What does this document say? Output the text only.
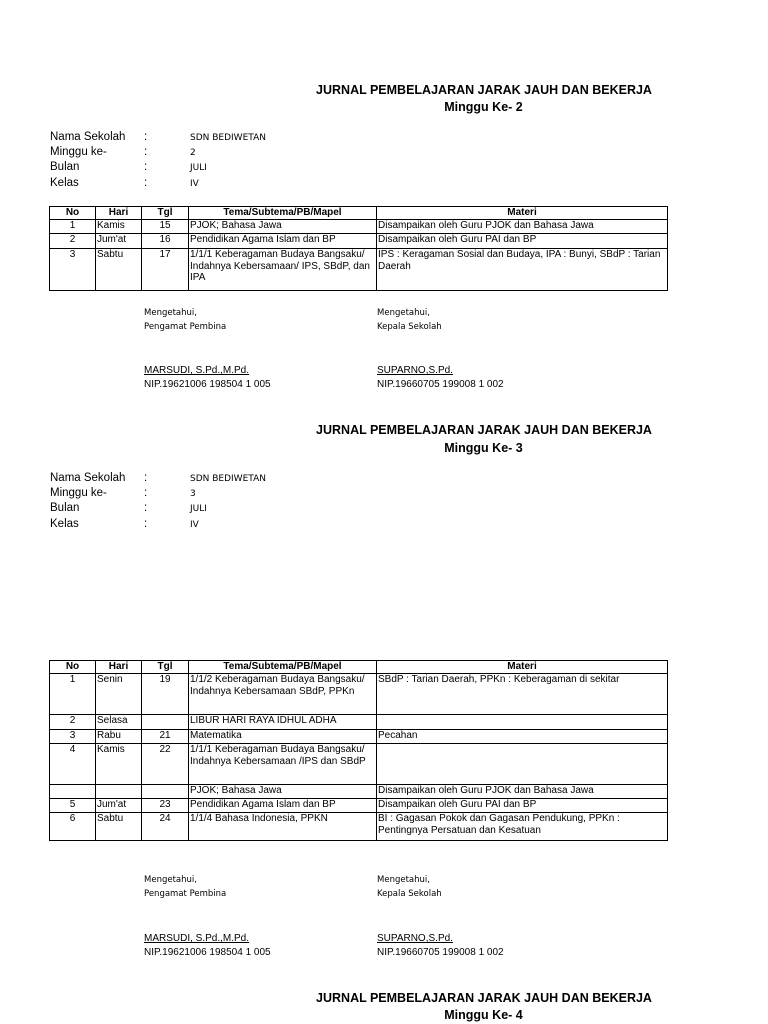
JURNAL PEMBELAJARAN JARAK JAUH DAN BEKERJA
Minggu Ke- 2
Nama Sekolah :	SDN BEDIWETAN
Minggu ke-	:	2
Bulan	:	JULI
Kelas	:	IV
No	Hari	Tgl	Tema/Subtema/PB/Mapel	Materi
1	Kamis	15	PJOK; Bahasa Jawa	Disampaikan oleh Guru PJOK dan Bahasa Jawa
2	Jum'at	16	Pendidikan Agama Islam dan BP	Disampaikan oleh Guru PAI dan BP
3	Sabtu	17	1/1/1 Keberagaman Budaya Bangsaku/ Indahnya Kebersamaan/ IPS, SBdP, dan IPA	IPS : Keragaman Sosial dan Budaya, IPA : Bunyi, SBdP : Tarian Daerah
Mengetahui,
Pengamat Pembina
Mengetahui,
Kepala Sekolah
MARSUDI, S.Pd.,M.Pd.
NIP.19621006 198504 1 005
SUPARNO,S.Pd.
NIP.19660705 199008 1 002
JURNAL PEMBELAJARAN JARAK JAUH DAN BEKERJA
Minggu Ke- 3
Nama Sekolah :	SDN BEDIWETAN
Minggu ke-	:	3
Bulan	:	JULI
Kelas	:	IV
No	Hari	Tgl	Tema/Subtema/PB/Mapel	Materi
1	Senin	19	1/1/2 Keberagaman Budaya Bangsaku/ Indahnya Kebersamaan SBdP, PPKn	SBdP : Tarian Daerah, PPKn : Keberagaman di sekitar
2	Selasa		LIBUR HARI RAYA IDHUL ADHA	
3	Rabu	21	Matematika	Pecahan
4	Kamis	22	1/1/1 Keberagaman Budaya Bangsaku/ Indahnya Kebersamaan /IPS dan SBdP	
			PJOK; Bahasa Jawa	Disampaikan oleh Guru PJOK dan Bahasa Jawa
5	Jum'at	23	Pendidikan Agama Islam dan BP	Disampaikan oleh Guru PAI dan BP
6	Sabtu	24	1/1/4 Bahasa Indonesia, PPKN	BI : Gagasan Pokok dan Gagasan Pendukung, PPKn : Pentingnya Persatuan dan Kesatuan
Mengetahui,
Pengamat Pembina
Mengetahui,
Kepala Sekolah
MARSUDI, S.Pd.,M.Pd.
NIP.19621006 198504 1 005
SUPARNO,S.Pd.
NIP.19660705 199008 1 002
JURNAL PEMBELAJARAN JARAK JAUH DAN BEKERJA
Minggu Ke- 4
